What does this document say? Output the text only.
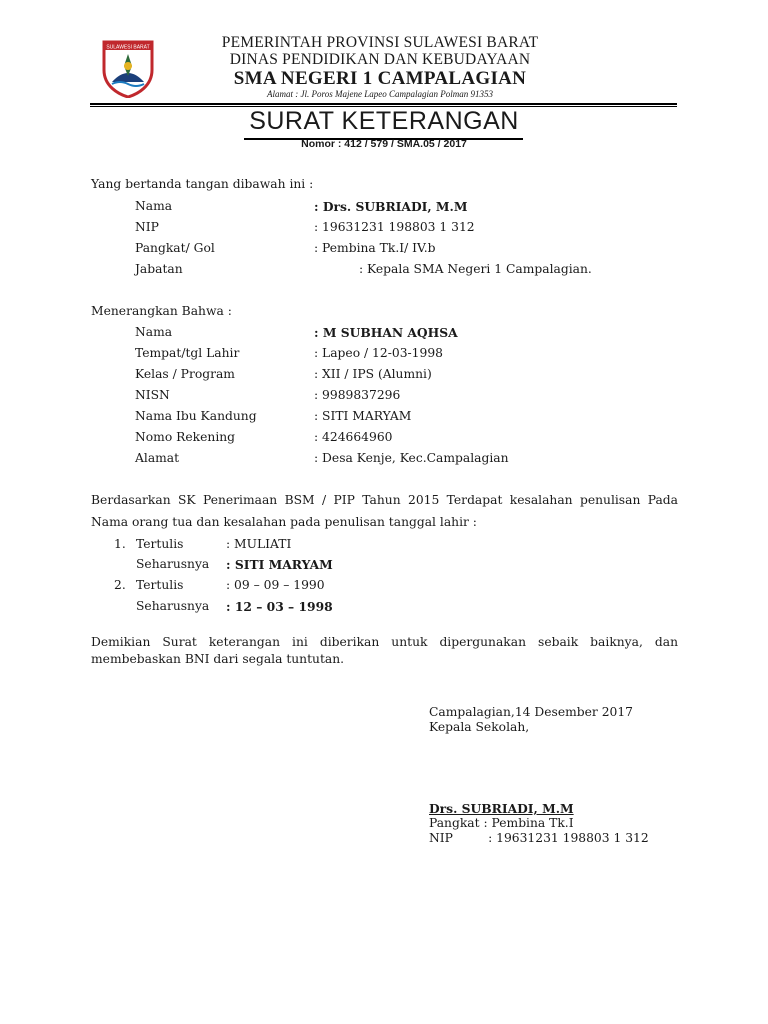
SULAWESI BARAT	PEMERINTAH PROVINSI SULAWESI BARAT
DINAS PENDIDIKAN DAN KEBUDAYAAN
SMA NEGERI 1 CAMPALAGIAN
Alamat : Jl. Poros Majene Lapeo Campalagian Polman 91353
SURAT KETERANGAN
Nomor : 412 / 579 / SMA.05 / 2017
Yang bertanda tangan dibawah ini :
Nama	: Drs. SUBRIADI, M.M
NIP	: 19631231 198803 1 312
Pangkat/ Gol	: Pembina Tk.I/ IV.b
Jabatan	: Kepala SMA Negeri 1 Campalagian.
Menerangkan Bahwa :
Nama	: M SUBHAN AQHSA
Tempat/tgl Lahir	: Lapeo / 12-03-1998
Kelas / Program	: XII / IPS (Alumni)
NISN	: 9989837296
Nama Ibu Kandung	: SITI MARYAM
Nomo Rekening	: 424664960
Alamat	: Desa Kenje, Kec.Campalagian
Berdasarkan SK Penerimaan BSM / PIP Tahun 2015 Terdapat kesalahan penulisan Pada Nama orang tua dan kesalahan pada penulisan tanggal lahir :
1. Tertulis	: MULIATI
Seharusnya : SITI MARYAM
2. Tertulis	: 09 – 09 – 1990
Seharusnya : 12 – 03 – 1998
Demikian Surat keterangan ini diberikan untuk dipergunakan sebaik baiknya, dan membebaskan BNI dari segala tuntutan.
Campalagian,14 Desember 2017
Kepala Sekolah,
Drs. SUBRIADI, M.M
Pangkat : Pembina Tk.I
NIP         : 19631231 198803 1 312
